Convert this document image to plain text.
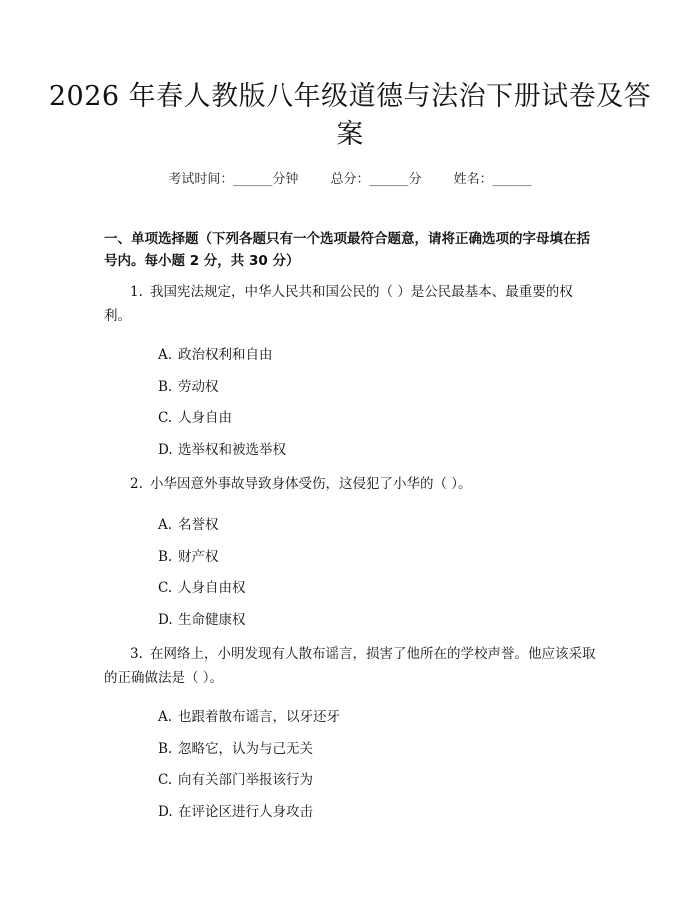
2026 年春人教版八年级道德与法治下册试卷及答案
考试时间：______分钟 总分：______分 姓名：______
一、单项选择题（下列各题只有一个选项最符合题意，请将正确选项的字母填在括号内。每小题 2 分，共 30 分）

1. 我国宪法规定，中华人民共和国公民的（ ）是公民最基本、最重要的权利。

A. 政治权利和自由
B. 劳动权
C. 人身自由
D. 选举权和被选举权

2. 小华因意外事故导致身体受伤，这侵犯了小华的（ ）。

A. 名誉权
B. 财产权
C. 人身自由权
D. 生命健康权

3. 在网络上，小明发现有人散布谣言，损害了他所在的学校声誉。他应该采取的正确做法是（ ）。

A. 也跟着散布谣言，以牙还牙
B. 忽略它，认为与己无关
C. 向有关部门举报该行为
D. 在评论区进行人身攻击
